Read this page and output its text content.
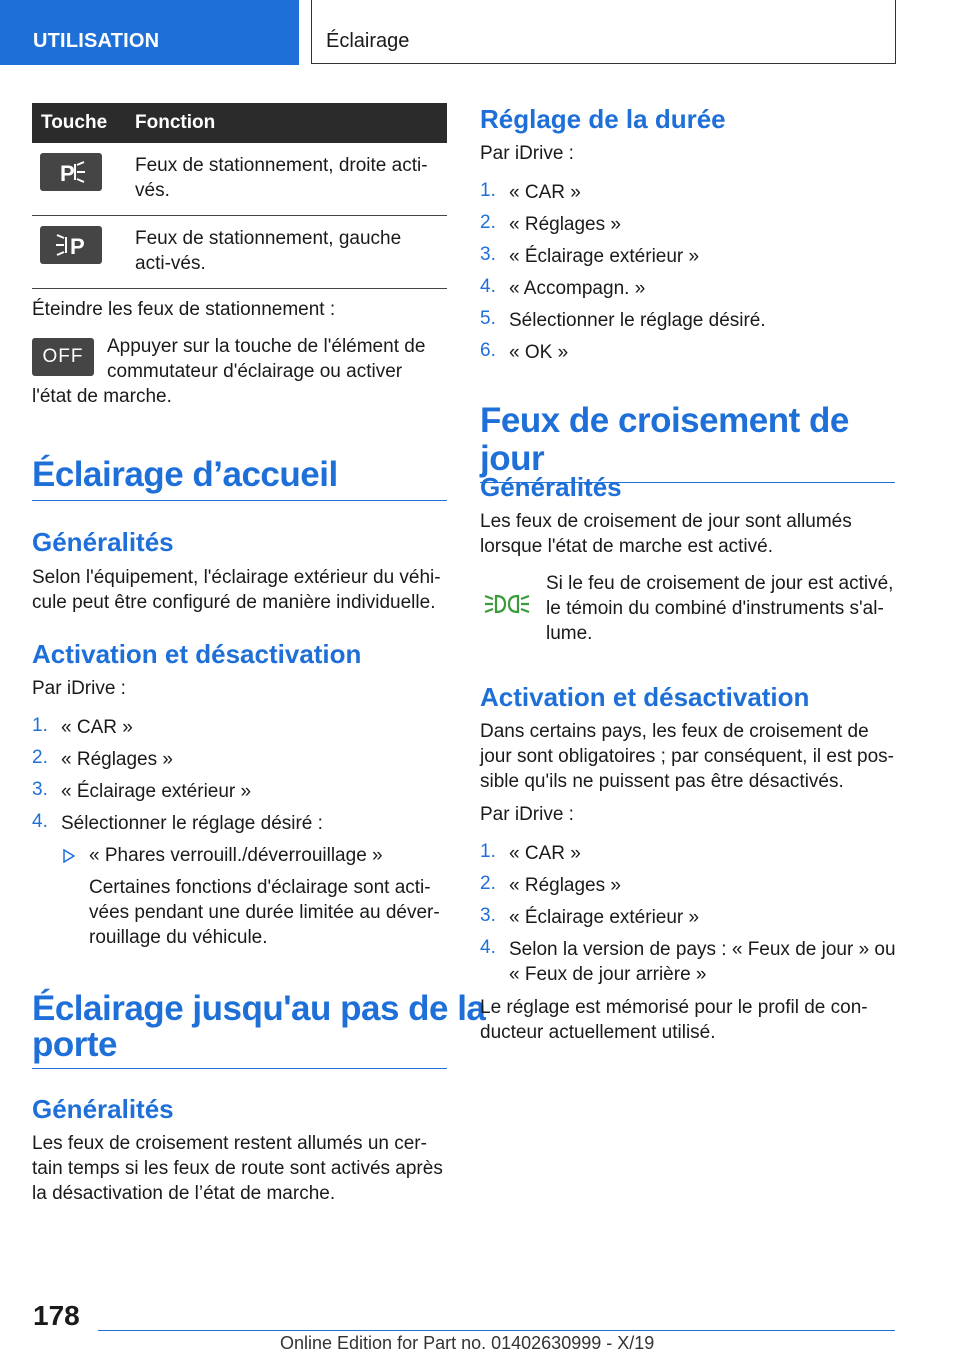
UTILISATION	Éclairage
Touche	Fonction

P	Feux de stationnement, droite acti-vés.

P	Feux de stationnement, gauche acti-vés.

Éteindre les feux de stationnement :

OFF	Appuyer sur la touche de l'élément de

commutateur d'éclairage ou activer

l'état de marche.

Éclairage d’accueil
Généralités

Selon l'équipement, l'éclairage extérieur du véhi-cule peut être configuré de manière individuelle.

Activation et désactivation

Par iDrive :

1. « CAR »
2. « Réglages »
3. « Éclairage extérieur »
4. Sélectionner le réglage désiré :
« Phares verrouill./déverrouillage »

Certaines fonctions d'éclairage sont acti-vées pendant une durée limitée au déver-rouillage du véhicule.

Éclairage jusqu'au pas de la
porte
Généralités

Les feux de croisement restent allumés un cer-tain temps si les feux de route sont activés après la désactivation de l’état de marche.

Réglage de la durée

Par iDrive :

1. « CAR »
2. « Réglages »
3. « Éclairage extérieur »
4. « Accompagn. »
5. Sélectionner le réglage désiré.
6. « OK »
Feux de croisement de jour
Généralités

Les feux de croisement de jour sont allumés lorsque l'état de marche est activé.

Si le feu de croisement de jour est activé, le témoin du combiné d'instruments s'al-lume.

Activation et désactivation

Dans certains pays, les feux de croisement de jour sont obligatoires ; par conséquent, il est pos-sible qu'ils ne puissent pas être désactivés.

Par iDrive :

1. « CAR »
2. « Réglages »
3. « Éclairage extérieur »
4. Selon la version de pays : « Feux de jour » ou « Feux de jour arrière »

Le réglage est mémorisé pour le profil de con-ducteur actuellement utilisé.

178
Online Edition for Part no. 01402630999 - X/19
